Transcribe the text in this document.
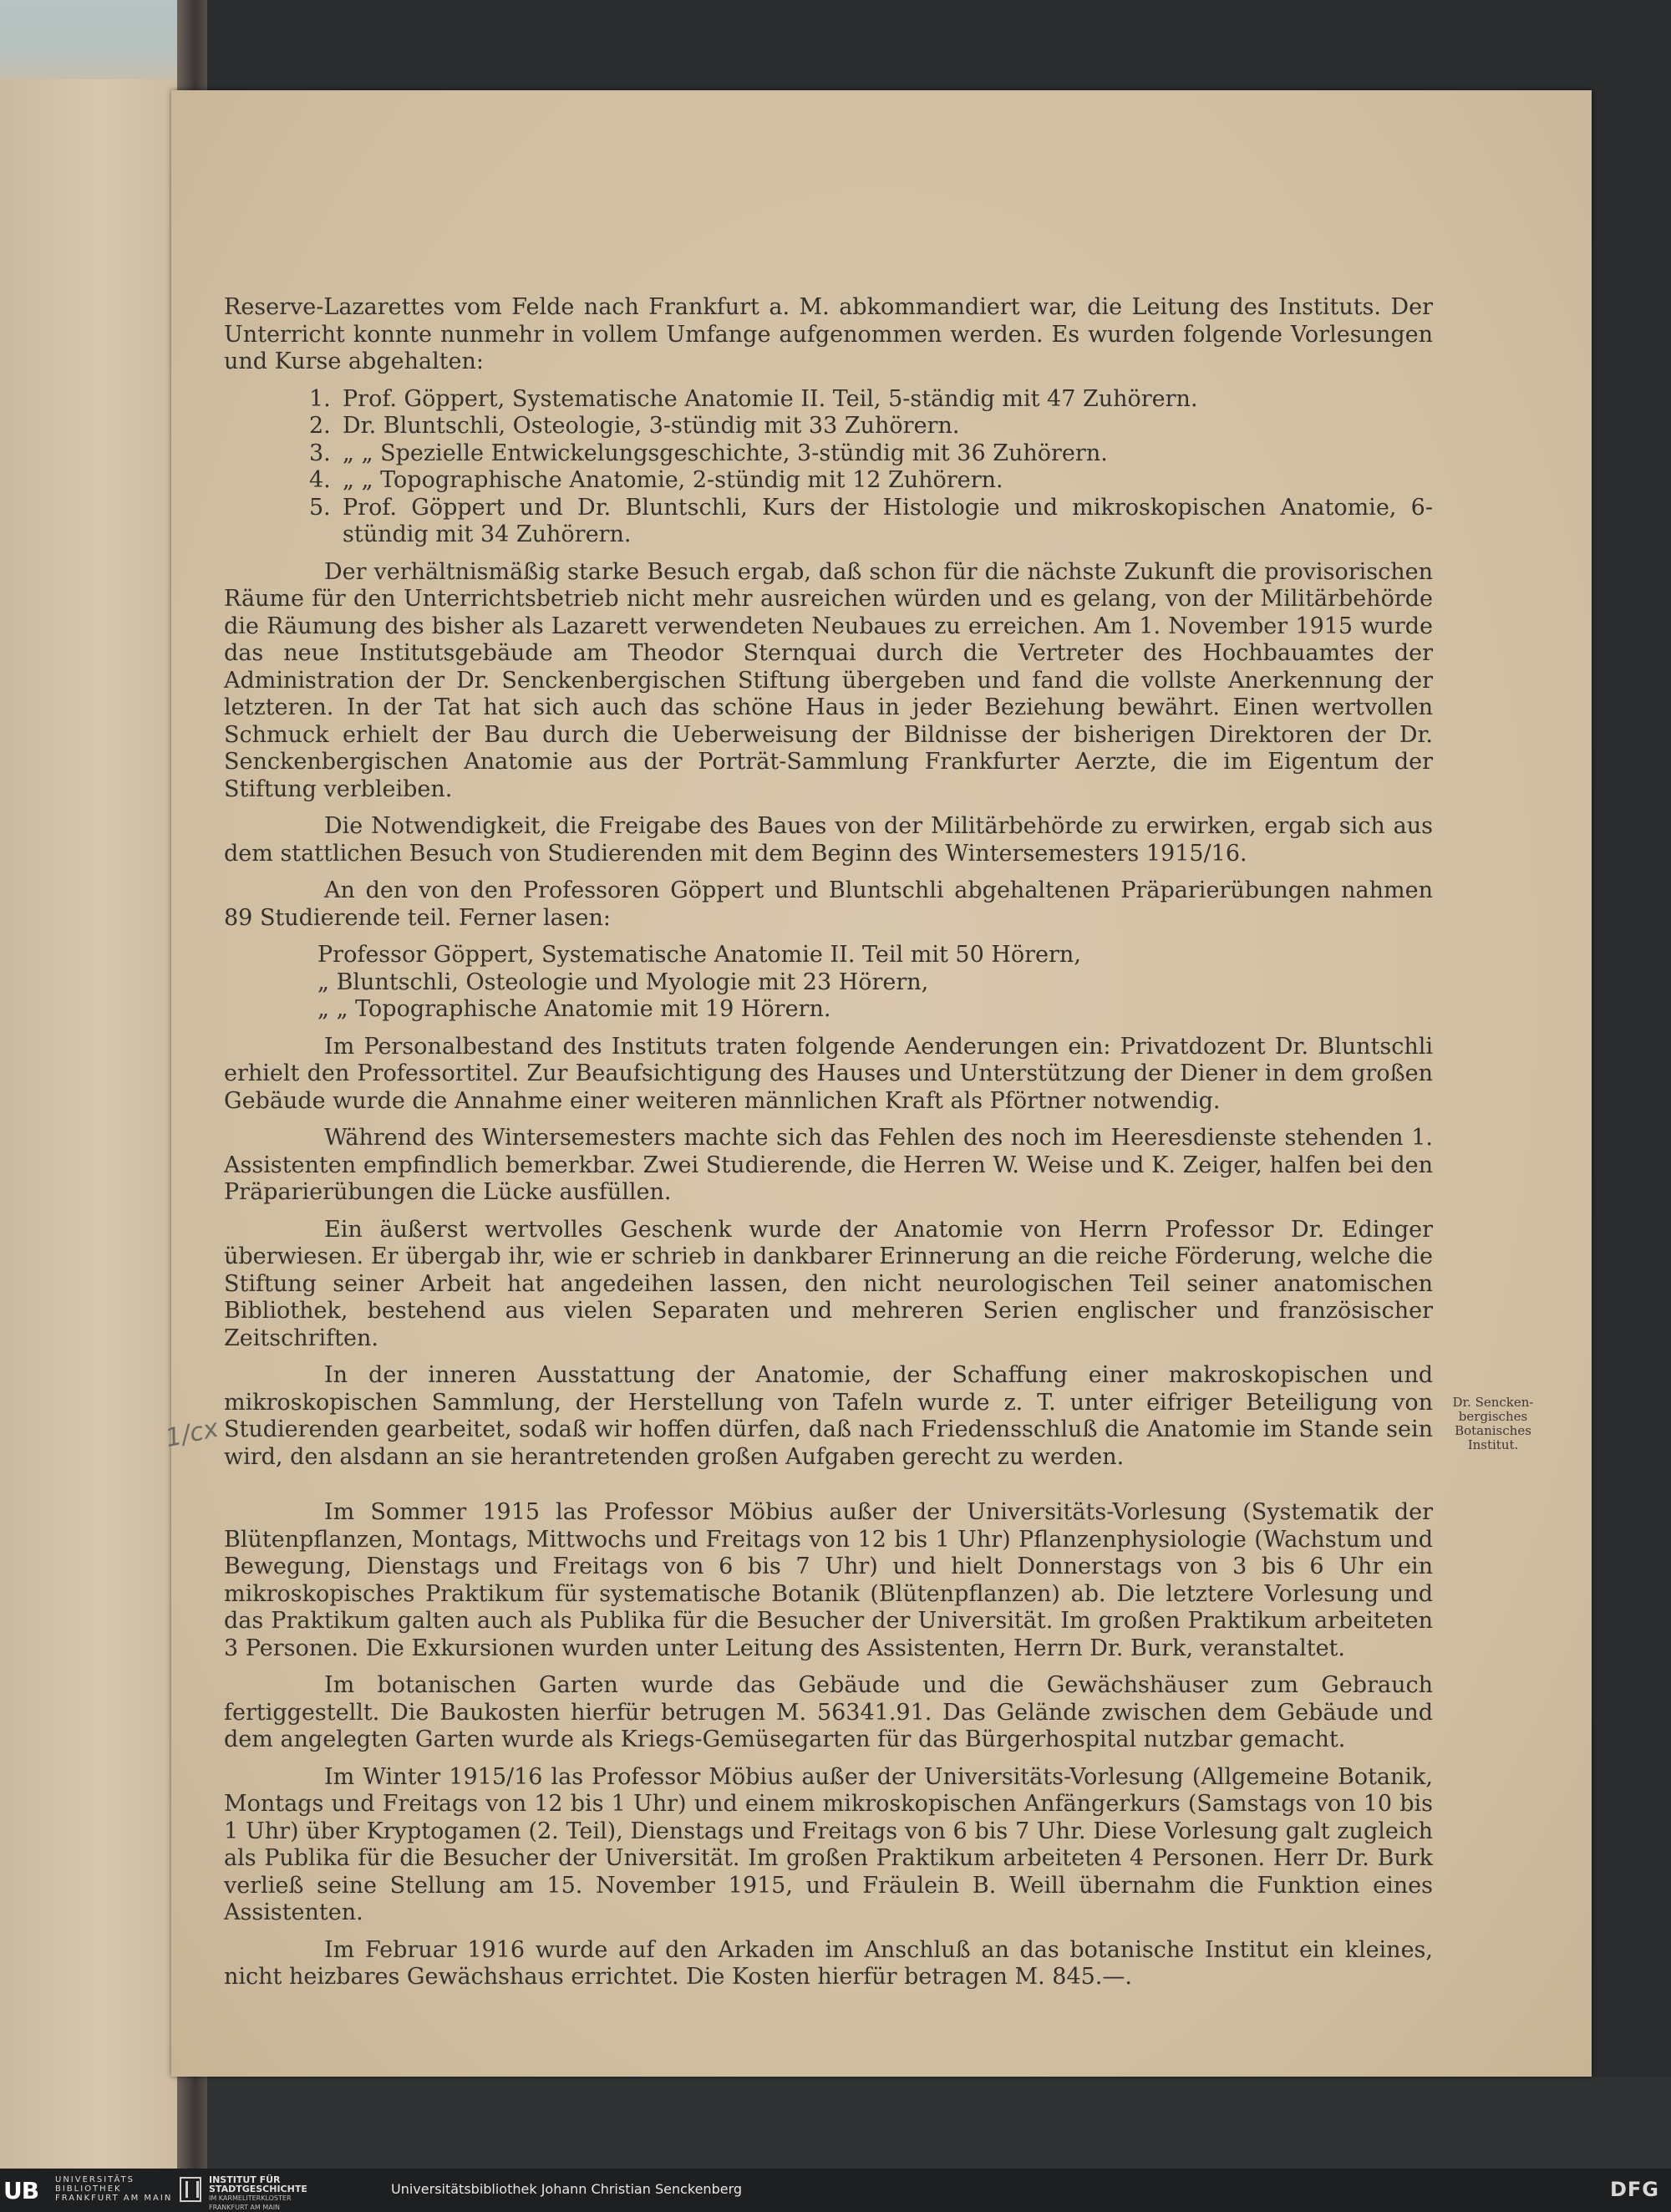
Reserve-Lazarettes vom Felde nach Frankfurt a. M. abkommandiert war, die Leitung des Instituts. Der Unterricht konnte nunmehr in vollem Umfange aufgenommen werden. Es wurden folgende Vorlesungen und Kurse abgehalten:

1. Prof. Göppert, Systematische Anatomie II. Teil, 5-ständig mit 47 Zuhörern.
2. Dr. Bluntschli, Osteologie, 3-stündig mit 33 Zuhörern.
3. „ „ Spezielle Entwickelungsgeschichte, 3-stündig mit 36 Zuhörern.
4. „ „ Topographische Anatomie, 2-stündig mit 12 Zuhörern.
5. Prof. Göppert und Dr. Bluntschli, Kurs der Histologie und mikroskopischen Anatomie, 6-stündig mit 34 Zuhörern.

Der verhältnismäßig starke Besuch ergab, daß schon für die nächste Zukunft die provisorischen Räume für den Unterrichtsbetrieb nicht mehr ausreichen würden und es gelang, von der Militärbehörde die Räumung des bisher als Lazarett verwendeten Neubaues zu erreichen. Am 1. November 1915 wurde das neue Institutsgebäude am Theodor Sternquai durch die Vertreter des Hochbauamtes der Administration der Dr. Senckenbergischen Stiftung übergeben und fand die vollste Anerkennung der letzteren. In der Tat hat sich auch das schöne Haus in jeder Beziehung bewährt. Einen wertvollen Schmuck erhielt der Bau durch die Ueberweisung der Bildnisse der bisherigen Direktoren der Dr. Senckenbergischen Anatomie aus der Porträt-Sammlung Frankfurter Aerzte, die im Eigentum der Stiftung verbleiben.

Die Notwendigkeit, die Freigabe des Baues von der Militärbehörde zu erwirken, ergab sich aus dem stattlichen Besuch von Studierenden mit dem Beginn des Wintersemesters 1915/16.

An den von den Professoren Göppert und Bluntschli abgehaltenen Präparierübungen nahmen 89 Studierende teil. Ferner lasen:

Professor Göppert, Systematische Anatomie II. Teil mit 50 Hörern,
„ Bluntschli, Osteologie und Myologie mit 23 Hörern,
„ „ Topographische Anatomie mit 19 Hörern.

Im Personalbestand des Instituts traten folgende Aenderungen ein: Privatdozent Dr. Bluntschli erhielt den Professortitel. Zur Beaufsichtigung des Hauses und Unterstützung der Diener in dem großen Gebäude wurde die Annahme einer weiteren männlichen Kraft als Pförtner notwendig.

Während des Wintersemesters machte sich das Fehlen des noch im Heeresdienste stehenden 1. Assistenten empfindlich bemerkbar. Zwei Studierende, die Herren W. Weise und K. Zeiger, halfen bei den Präparierübungen die Lücke ausfüllen.

Ein äußerst wertvolles Geschenk wurde der Anatomie von Herrn Professor Dr. Edinger überwiesen. Er übergab ihr, wie er schrieb in dankbarer Erinnerung an die reiche Förderung, welche die Stiftung seiner Arbeit hat angedeihen lassen, den nicht neurologischen Teil seiner anatomischen Bibliothek, bestehend aus vielen Separaten und mehreren Serien englischer und französischer Zeitschriften.

In der inneren Ausstattung der Anatomie, der Schaffung einer makroskopischen und mikroskopischen Sammlung, der Herstellung von Tafeln wurde z. T. unter eifriger Beteiligung von Studierenden gearbeitet, sodaß wir hoffen dürfen, daß nach Friedensschluß die Anatomie im Stande sein wird, den alsdann an sie herantretenden großen Aufgaben gerecht zu werden.

Im Sommer 1915 las Professor Möbius außer der Universitäts-Vorlesung (Systematik der Blütenpflanzen, Montags, Mittwochs und Freitags von 12 bis 1 Uhr) Pflanzenphysiologie (Wachstum und Bewegung, Dienstags und Freitags von 6 bis 7 Uhr) und hielt Donnerstags von 3 bis 6 Uhr ein mikroskopisches Praktikum für systematische Botanik (Blütenpflanzen) ab. Die letztere Vorlesung und das Praktikum galten auch als Publika für die Besucher der Universität. Im großen Praktikum arbeiteten 3 Personen. Die Exkursionen wurden unter Leitung des Assistenten, Herrn Dr. Burk, veranstaltet.

Im botanischen Garten wurde das Gebäude und die Gewächshäuser zum Gebrauch fertiggestellt. Die Baukosten hierfür betrugen M. 56341.91. Das Gelände zwischen dem Gebäude und dem angelegten Garten wurde als Kriegs-Gemüsegarten für das Bürgerhospital nutzbar gemacht.

Im Winter 1915/16 las Professor Möbius außer der Universitäts-Vorlesung (Allgemeine Botanik, Montags und Freitags von 12 bis 1 Uhr) und einem mikroskopischen Anfängerkurs (Samstags von 10 bis 1 Uhr) über Kryptogamen (2. Teil), Dienstags und Freitags von 6 bis 7 Uhr. Diese Vorlesung galt zugleich als Publika für die Besucher der Universität. Im großen Praktikum arbeiteten 4 Personen. Herr Dr. Burk verließ seine Stellung am 15. November 1915, und Fräulein B. Weill übernahm die Funktion eines Assistenten.

Im Februar 1916 wurde auf den Arkaden im Anschluß an das botanische Institut ein kleines, nicht heizbares Gewächshaus errichtet. Die Kosten hierfür betragen M. 845.—.

Dr. Sencken-
bergisches
Botanisches
Institut.
1/cx
UB UNIVERSITÄTS
BIBLIOTHEK
FRANKFURT AM MAIN
INSTITUT FÜR
STADTGESCHICHTE
IM KARMELITERKLOSTER
FRANKFURT AM MAIN
Universitätsbibliothek Johann Christian Senckenberg	DFG
